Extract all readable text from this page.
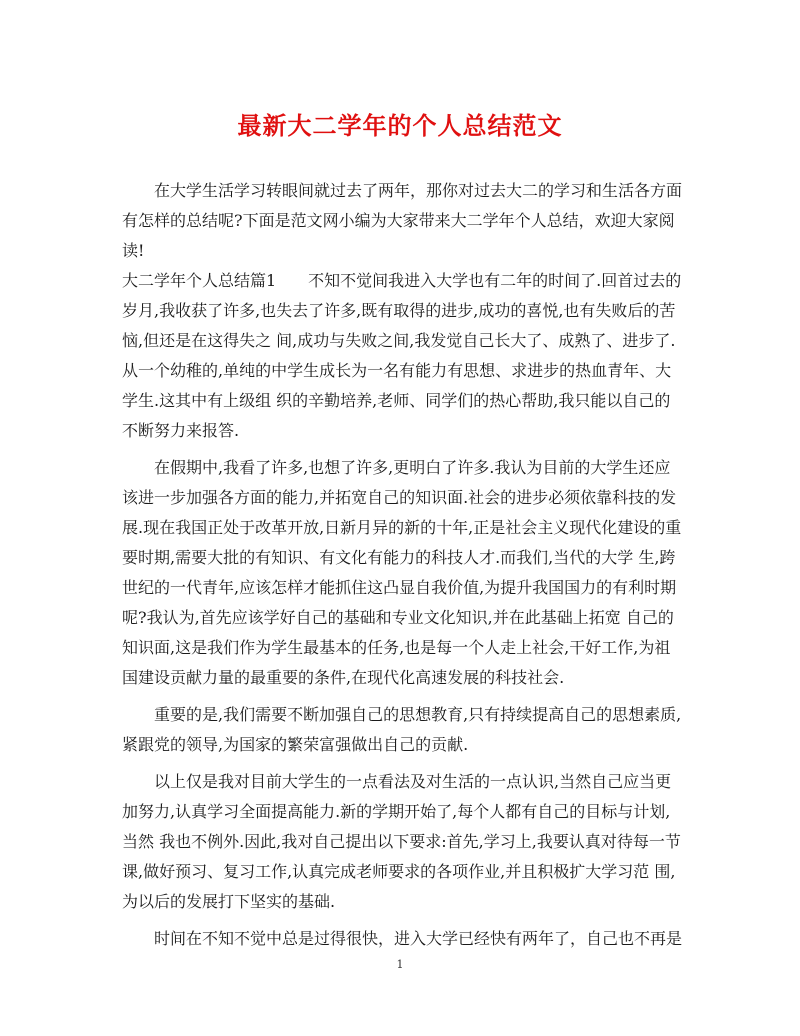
最新大二学年的个人总结范文

在大学生活学习转眼间就过去了两年，那你对过去大二的学习和生活各方面有怎样的总结呢?下面是范文网小编为大家带来大二学年个人总结，欢迎大家阅读!

大二学年个人总结篇1　　不知不觉间我进入大学也有二年的时间了.回首过去的岁月,我收获了许多,也失去了许多,既有取得的进步,成功的喜悦,也有失败后的苦恼,但还是在这得失之 间,成功与失败之间,我发觉自己长大了、成熟了、进步了.从一个幼稚的,单纯的中学生成长为一名有能力有思想、求进步的热血青年、大学生.这其中有上级组 织的辛勤培养,老师、同学们的热心帮助,我只能以自己的不断努力来报答.

在假期中,我看了许多,也想了许多,更明白了许多.我认为目前的大学生还应该进一步加强各方面的能力,并拓宽自己的知识面.社会的进步必须依靠科技的发展.现在我国正处于改革开放,日新月异的新的十年,正是社会主义现代化建设的重要时期,需要大批的有知识、有文化有能力的科技人才.而我们,当代的大学 生,跨世纪的一代青年,应该怎样才能抓住这凸显自我价值,为提升我国国力的有利时期呢?我认为,首先应该学好自己的基础和专业文化知识,并在此基础上拓宽 自己的知识面,这是我们作为学生最基本的任务,也是每一个人走上社会,干好工作,为祖国建设贡献力量的最重要的条件,在现代化高速发展的科技社会.

重要的是,我们需要不断加强自己的思想教育,只有持续提高自己的思想素质,紧跟党的领导,为国家的繁荣富强做出自己的贡献.

以上仅是我对目前大学生的一点看法及对生活的一点认识,当然自己应当更加努力,认真学习全面提高能力.新的学期开始了,每个人都有自己的目标与计划,当然 我也不例外.因此,我对自己提出以下要求:首先,学习上,我要认真对待每一节课,做好预习、复习工作,认真完成老师要求的各项作业,并且积极扩大学习范 围,为以后的发展打下坚实的基础.

时间在不知不觉中总是过得很快，进入大学已经快有两年了，自己也不再是

1
